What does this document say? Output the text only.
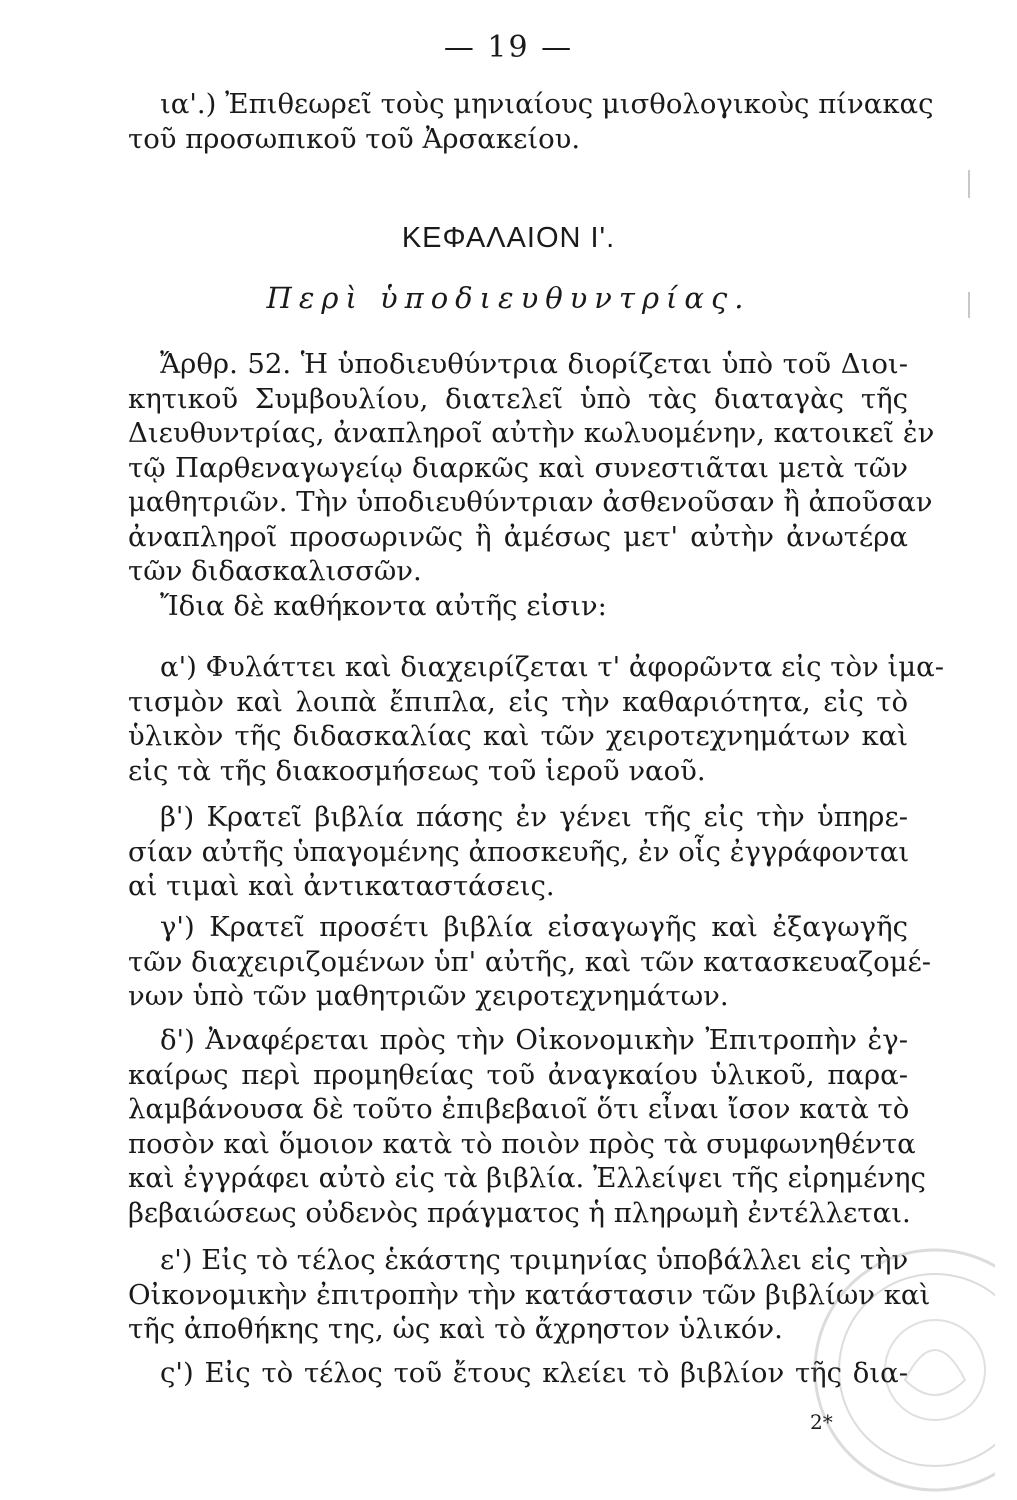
— 19 —
ια'.) Ἐπιθεωρεῖ τοὺς μηνιαίους μισθολογικοὺς πίνακας
τοῦ προσωπικοῦ τοῦ Ἀρσακείου.
ΚΕΦΑΛΑΙΟΝ Ι'.
Περὶ ὑποδιευθυντρίας.
Ἄρθρ. 52. Ἡ ὑποδιευθύντρια διορίζεται ὑπὸ τοῦ Διοι-
κητικοῦ Συμβουλίου, διατελεῖ ὑπὸ τὰς διαταγὰς τῆς
Διευθυντρίας, ἀναπληροῖ αὐτὴν κωλυομένην, κατοικεῖ ἐν
τῷ Παρθεναγωγείῳ διαρκῶς καὶ συνεστιᾶται μετὰ τῶν
μαθητριῶν. Τὴν ὑποδιευθύντριαν ἀσθενοῦσαν ἢ ἀποῦσαν
ἀναπληροῖ προσωρινῶς ἢ ἀμέσως μετ' αὐτὴν ἀνωτέρα
τῶν διδασκαλισσῶν.
Ἴδια δὲ καθήκοντα αὐτῆς εἰσιν:
α') Φυλάττει καὶ διαχειρίζεται τ' ἀφορῶντα εἰς τὸν ἱμα-
τισμὸν καὶ λοιπὰ ἔπιπλα, εἰς τὴν καθαριότητα, εἰς τὸ
ὑλικὸν τῆς διδασκαλίας καὶ τῶν χειροτεχνημάτων καὶ
εἰς τὰ τῆς διακοσμήσεως τοῦ ἱεροῦ ναοῦ.
β') Κρατεῖ βιβλία πάσης ἐν γένει τῆς εἰς τὴν ὑπηρε-
σίαν αὐτῆς ὑπαγομένης ἀποσκευῆς, ἐν οἷς ἐγγράφονται
αἱ τιμαὶ καὶ ἀντικαταστάσεις.
γ') Κρατεῖ προσέτι βιβλία εἰσαγωγῆς καὶ ἐξαγωγῆς
τῶν διαχειριζομένων ὑπ' αὐτῆς, καὶ τῶν κατασκευαζομέ-
νων ὑπὸ τῶν μαθητριῶν χειροτεχνημάτων.
δ') Ἀναφέρεται πρὸς τὴν Οἰκονομικὴν Ἐπιτροπὴν ἐγ-
καίρως περὶ προμηθείας τοῦ ἀναγκαίου ὑλικοῦ, παρα-
λαμβάνουσα δὲ τοῦτο ἐπιβεβαιοῖ ὅτι εἶναι ἴσον κατὰ τὸ
ποσὸν καὶ ὅμοιον κατὰ τὸ ποιὸν πρὸς τὰ συμφωνηθέντα
καὶ ἐγγράφει αὐτὸ εἰς τὰ βιβλία. Ἐλλείψει τῆς εἰρημένης
βεβαιώσεως οὐδενὸς πράγματος ἡ πληρωμὴ ἐντέλλεται.
ε') Εἰς τὸ τέλος ἑκάστης τριμηνίας ὑποβάλλει εἰς τὴν
Οἰκονομικὴν ἐπιτροπὴν τὴν κατάστασιν τῶν βιβλίων καὶ
τῆς ἀποθήκης της, ὡς καὶ τὸ ἄχρηστον ὑλικόν.
ς') Εἰς τὸ τέλος τοῦ ἔτους κλείει τὸ βιβλίον τῆς δια-
2*
